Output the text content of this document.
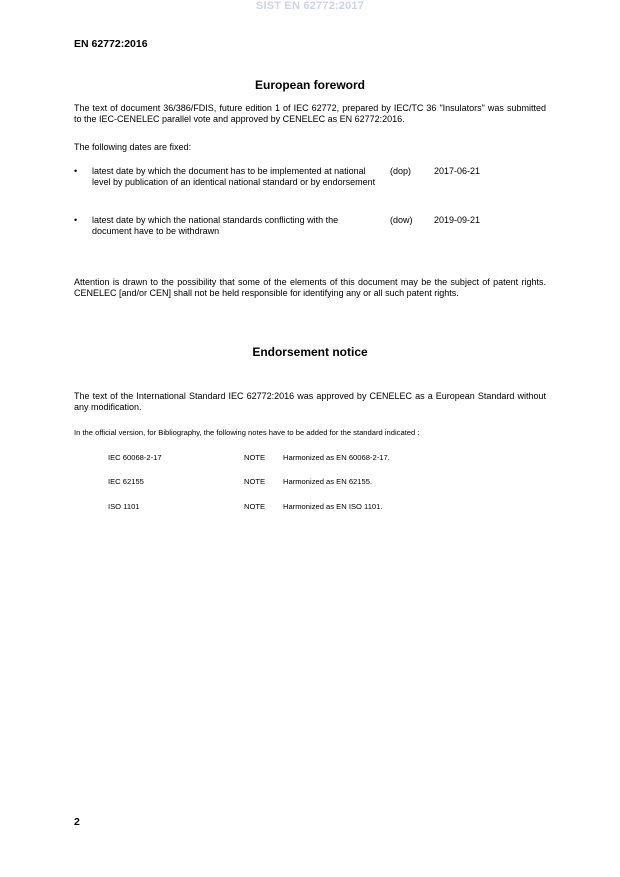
SIST EN 62772:2017
EN 62772:2016
European foreword
The text of document 36/386/FDIS, future edition 1 of IEC 62772, prepared by IEC/TC 36 "Insulators" was submitted to the IEC-CENELEC parallel vote and approved by CENELEC as EN 62772:2016.
The following dates are fixed:
• latest date by which the document has to be implemented at national level by publication of an identical national standard or by endorsement
(dop)	2017-06-21
• latest date by which the national standards conflicting with the document have to be withdrawn
(dow) 2019-09-21
Attention is drawn to the possibility that some of the elements of this document may be the subject of patent rights. CENELEC [and/or CEN] shall not be held responsible for identifying any or all such patent rights.
Endorsement notice
The text of the International Standard IEC 62772:2016 was approved by CENELEC as a European Standard without any modification.
In the official version, for Bibliography, the following notes have to be added for the standard indicated :
IEC 60068-2-17	NOTE Harmonized as EN 60068-2-17.
IEC 62155	NOTE Harmonized as EN 62155.
ISO 1101	NOTE Harmonized as EN ISO 1101.
2
